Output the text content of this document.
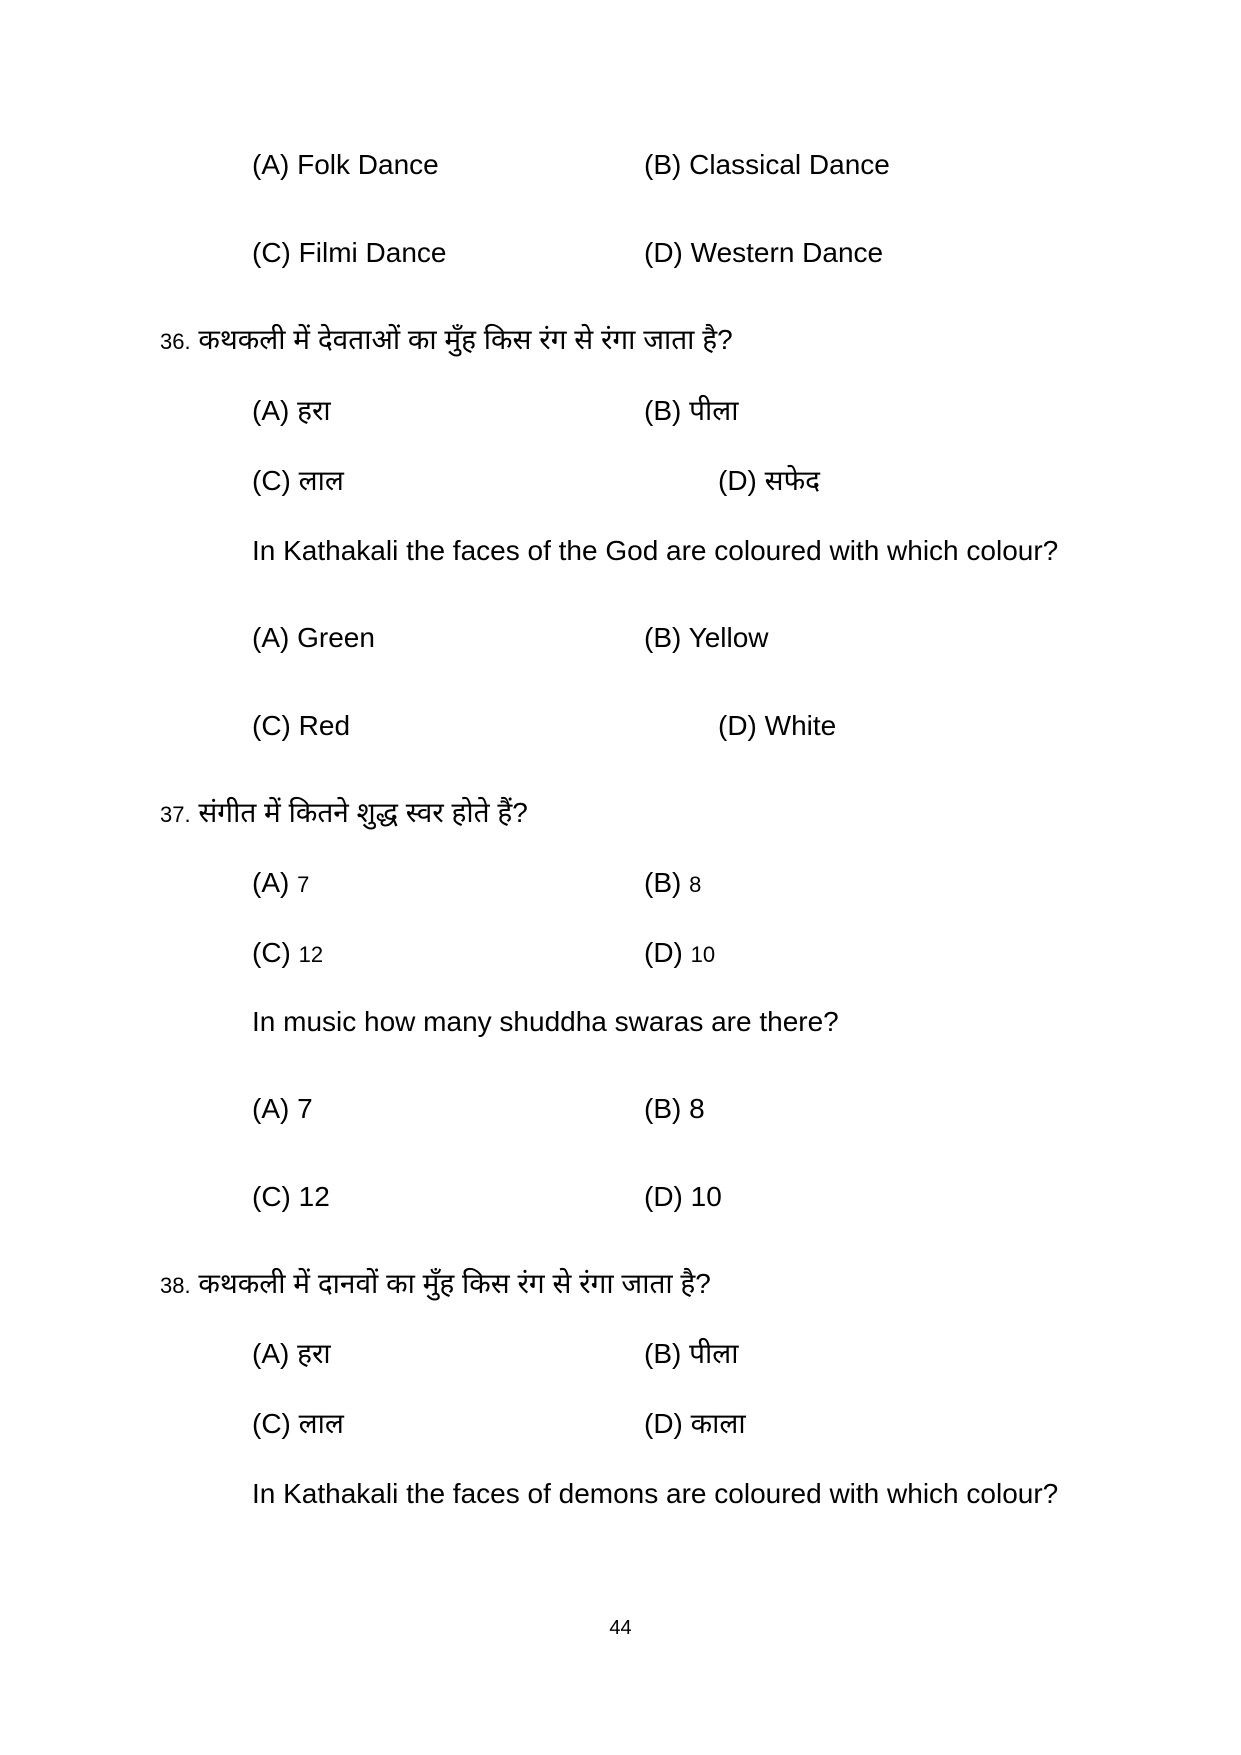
(A) Folk Dance	(B) Classical Dance
(C) Filmi Dance	(D) Western Dance
36. कथकली में देवताओं का मुँह किस रंग से रंगा जाता है?
(A) हरा	(B) पीला
(C) लाल	(D) सफेद
In Kathakali the faces of the God are coloured with which colour?
(A) Green	(B) Yellow
(C) Red	(D) White
37. संगीत में कितने शुद्ध स्वर होते हैं?
(A) 7	(B) 8
(C) 12	(D) 10
In music how many shuddha swaras are there?
(A) 7	(B) 8
(C) 12	(D) 10
38. कथकली में दानवों का मुँह किस रंग से रंगा जाता है?
(A) हरा	(B) पीला
(C) लाल	(D) काला
In Kathakali the faces of demons are coloured with which colour?
44
